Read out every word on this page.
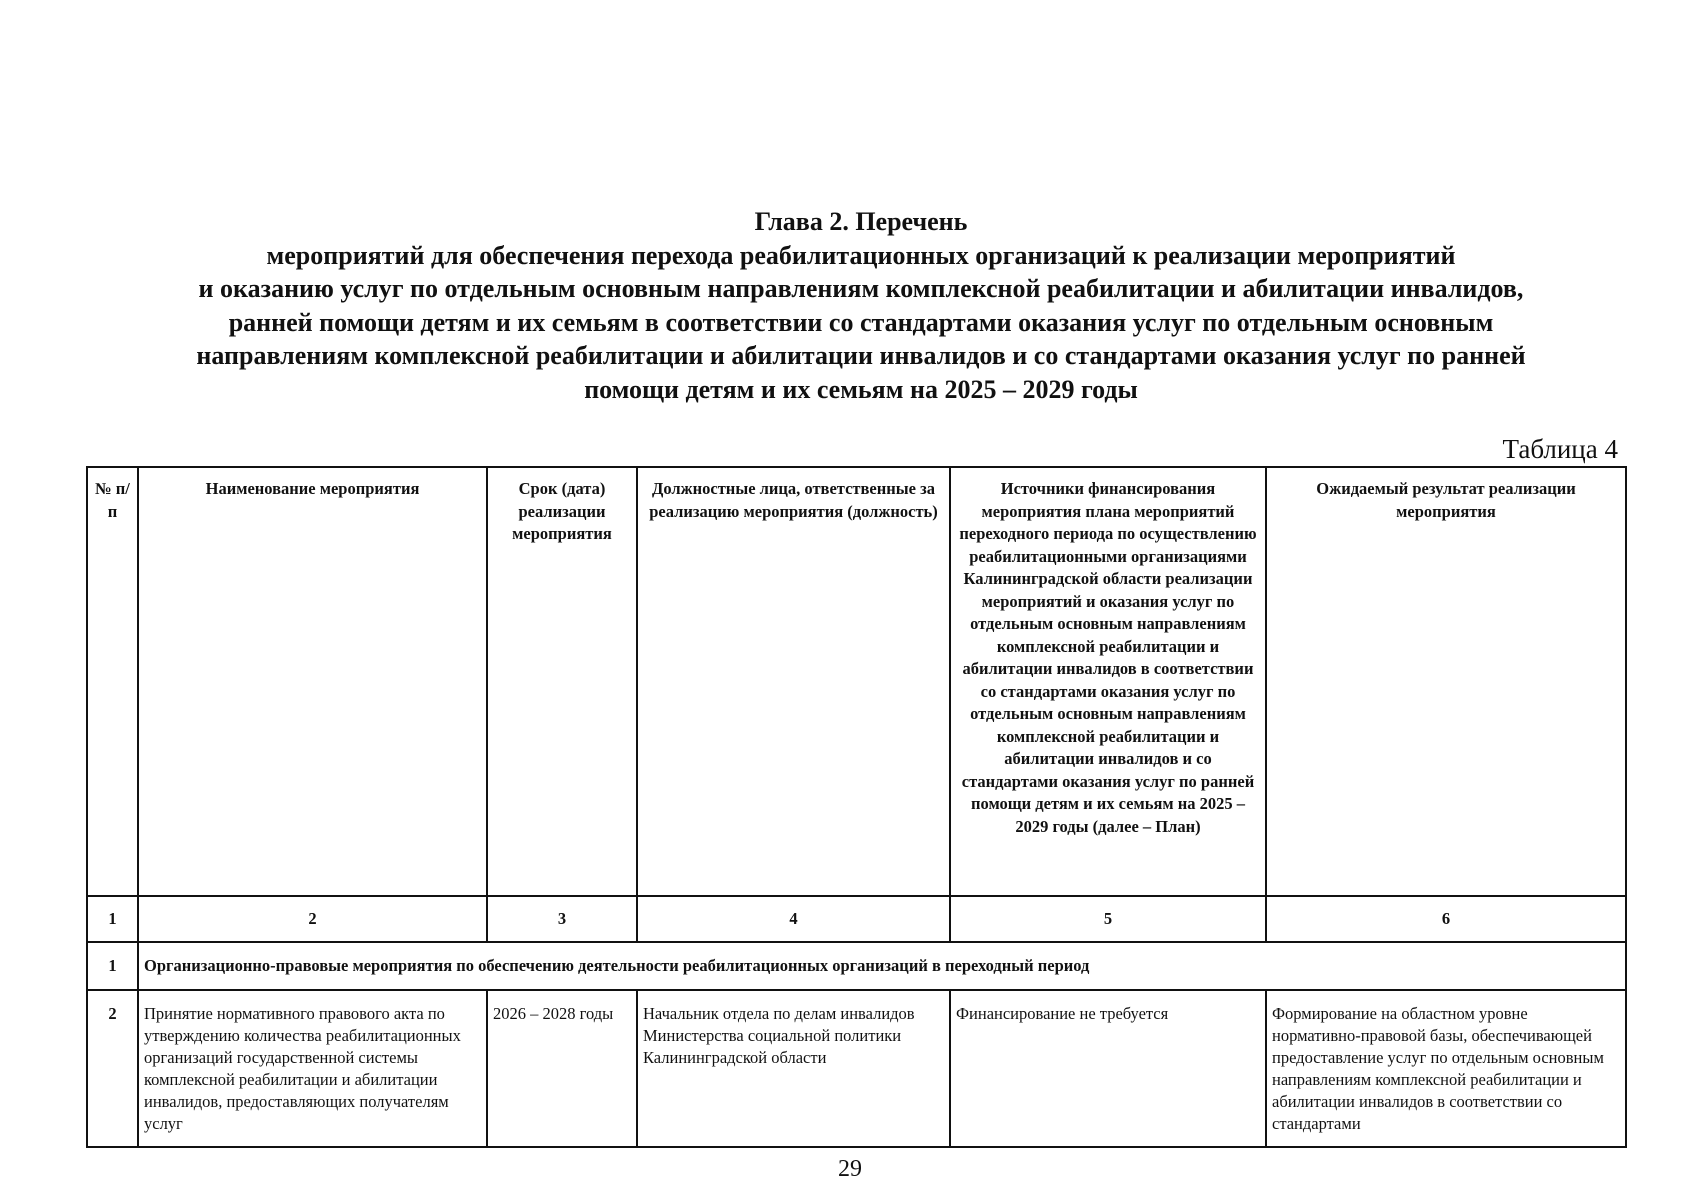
Глава 2. Перечень
мероприятий для обеспечения перехода реабилитационных организаций к реализации мероприятий
и оказанию услуг по отдельным основным направлениям комплексной реабилитации и абилитации инвалидов,
ранней помощи детям и их семьям в соответствии со стандартами оказания услуг по отдельным основным
направлениям комплексной реабилитации и абилитации инвалидов и со стандартами оказания услуг по ранней
помощи детям и их семьям на 2025 – 2029 годы
Таблица 4
№ п/п	Наименование мероприятия	Срок (дата) реализации мероприятия	Должностные лица, ответственные за реализацию мероприятия (должность)	Источники финансирования мероприятия плана мероприятий переходного периода по осуществлению реабилитационными организациями Калининградской области реализации мероприятий и оказания услуг по отдельным основным направлениям комплексной реабилитации и абилитации инвалидов в соответствии со стандартами оказания услуг по отдельным основным направлениям комплексной реабилитации и абилитации инвалидов и со стандартами оказания услуг по ранней помощи детям и их семьям на 2025 – 2029 годы (далее – План)	Ожидаемый результат реализации мероприятия
1	2	3	4	5	6
1	Организационно-правовые мероприятия по обеспечению деятельности реабилитационных организаций в переходный период				
2	Принятие нормативного правового акта по утверждению количества реабилитационных организаций государственной системы комплексной реабилитации и абилитации инвалидов, предоставляющих получателям услуг	2026 – 2028 годы	Начальник отдела по делам инвалидов Министерства социальной политики Калининградской области	Финансирование не требуется	Формирование на областном уровне нормативно-правовой базы, обеспечивающей предоставление услуг по отдельным основным направлениям комплексной реабилитации и абилитации инвалидов в соответствии со стандартами
29
